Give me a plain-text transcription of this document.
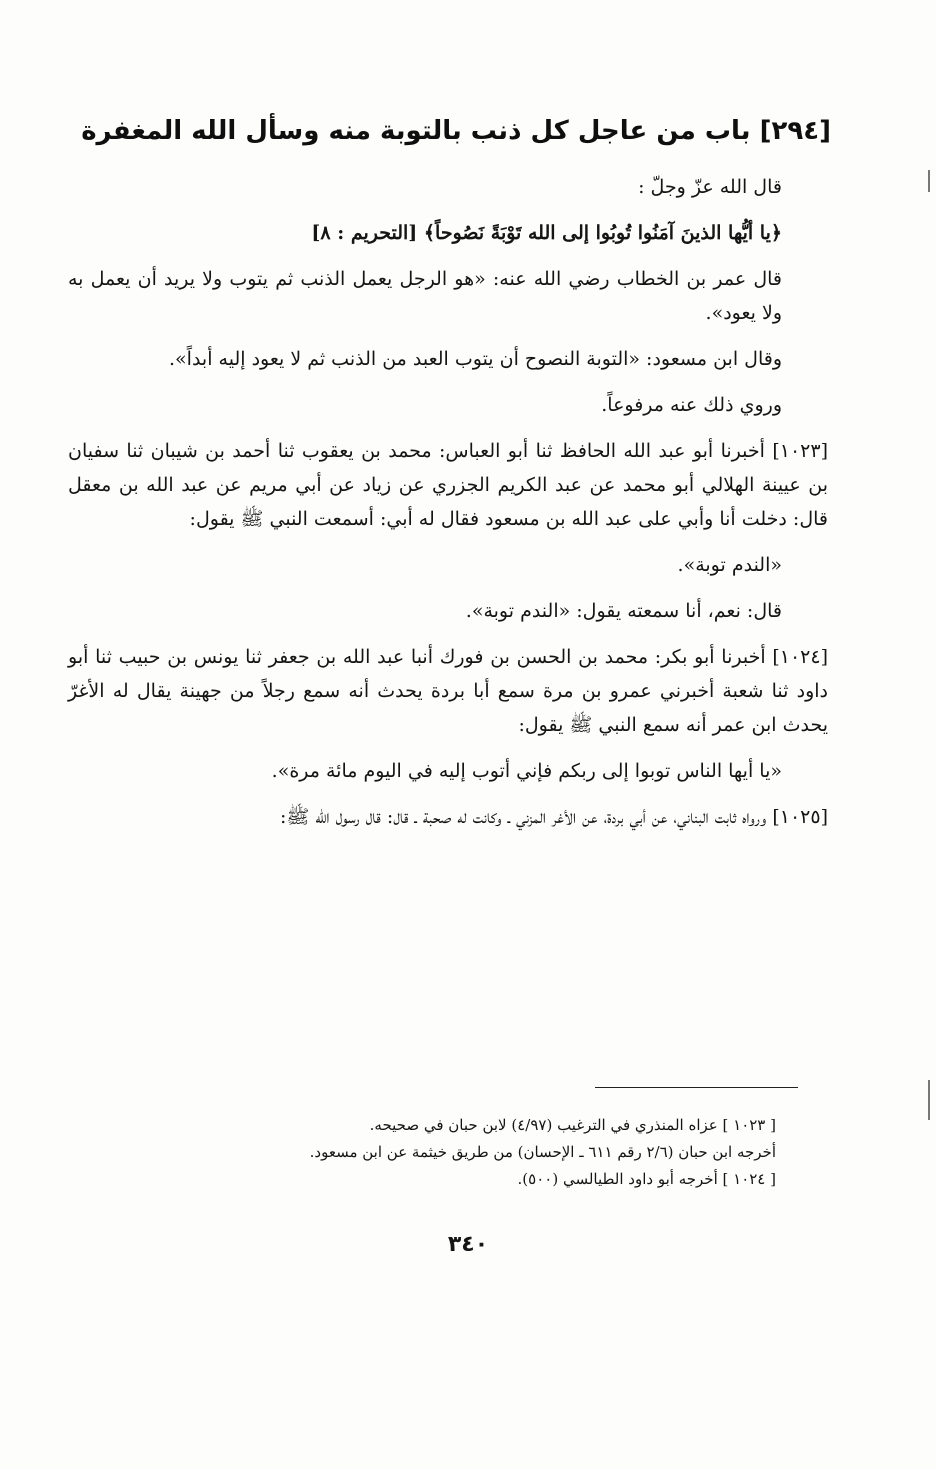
[٢٩٤] باب من عاجل كل ذنب بالتوبة منه وسأل الله المغفرة

قال الله عزّ وجلّ :

﴿يا أيُّها الذينَ آمَنُوا تُوبُوا إلى الله تَوْبَةً نَصُوحاً﴾ [التحريم : ٨]

قال عمر بن الخطاب رضي الله عنه: «هو الرجل يعمل الذنب ثم يتوب ولا يريد أن يعمل به ولا يعود».

وقال ابن مسعود: «التوبة النصوح أن يتوب العبد من الذنب ثم لا يعود إليه أبداً».

وروي ذلك عنه مرفوعاً.

[١٠٢٣] أخبرنا أبو عبد الله الحافظ ثنا أبو العباس: محمد بن يعقوب ثنا أحمد بن شيبان ثنا سفيان بن عيينة الهلالي أبو محمد عن عبد الكريم الجزري عن زياد عن أبي مريم عن عبد الله بن معقل قال: دخلت أنا وأبي على عبد الله بن مسعود فقال له أبي: أسمعت النبي ﷺ يقول:

«الندم توبة».

قال: نعم، أنا سمعته يقول: «الندم توبة».

[١٠٢٤] أخبرنا أبو بكر: محمد بن الحسن بن فورك أنبا عبد الله بن جعفر ثنا يونس بن حبيب ثنا أبو داود ثنا شعبة أخبرني عمرو بن مرة سمع أبا بردة يحدث أنه سمع رجلاً من جهينة يقال له الأغرّ يحدث ابن عمر أنه سمع النبي ﷺ يقول:

«يا أيها الناس توبوا إلى ربكم فإني أتوب إليه في اليوم مائة مرة».

[١٠٢٥] ورواه ثابت البناني، عن أبي بردة، عن الأغر المزني ـ وكانت له صحبة ـ قال: قال رسول الله ﷺ:

[ ١٠٢٣ ] عزاه المنذري في الترغيب (٤/٩٧) لابن حبان في صحيحه.
أخرجه ابن حبان (٢/٦ رقم ٦١١ ـ الإحسان) من طريق خيثمة عن ابن مسعود.
[ ١٠٢٤ ] أخرجه أبو داود الطيالسي (٥٠٠).
٣٤٠
